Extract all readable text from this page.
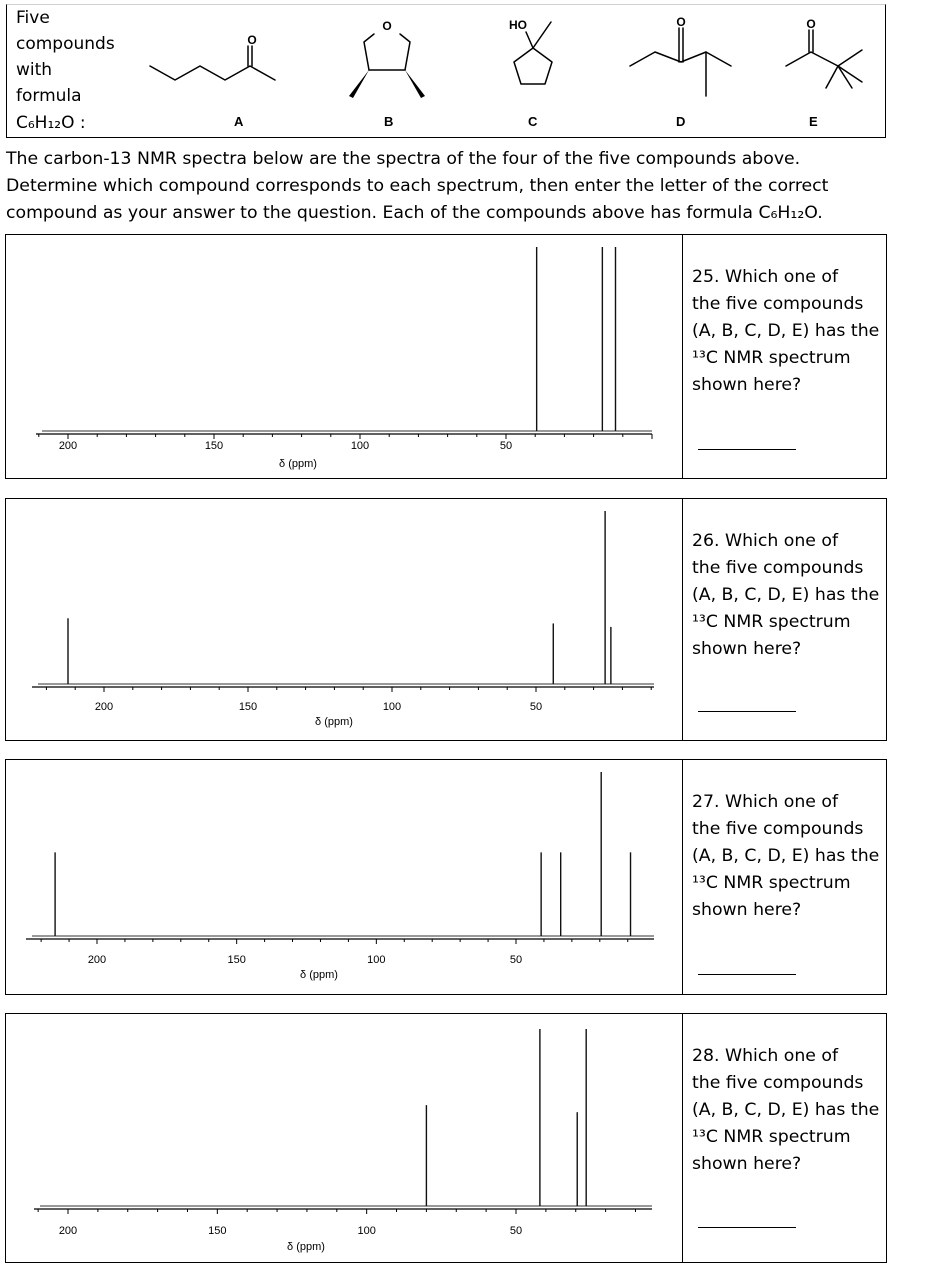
Five
compounds
with
formula
C₆H₁₂O :
O
O	HO	O	O
A	B	C	D	E
The carbon-13 NMR spectra below are the spectra of the four of the five compounds above. Determine which compound corresponds to each spectrum, then enter the letter of the correct compound as your answer to the question. Each of the compounds above has formula C₆H₁₂O.
200	150	100	50
δ (ppm)
25. Which one of
the five compounds
(A, B, C, D, E) has the
¹³C NMR spectrum
shown here?
200	150	100	50
δ (ppm)
26. Which one of
the five compounds
(A, B, C, D, E) has the
¹³C NMR spectrum
shown here?
200	150	100	50
δ (ppm)
27. Which one of
the five compounds
(A, B, C, D, E) has the
¹³C NMR spectrum
shown here?
200	150	100	50
δ (ppm)
28. Which one of
the five compounds
(A, B, C, D, E) has the
¹³C NMR spectrum
shown here?
